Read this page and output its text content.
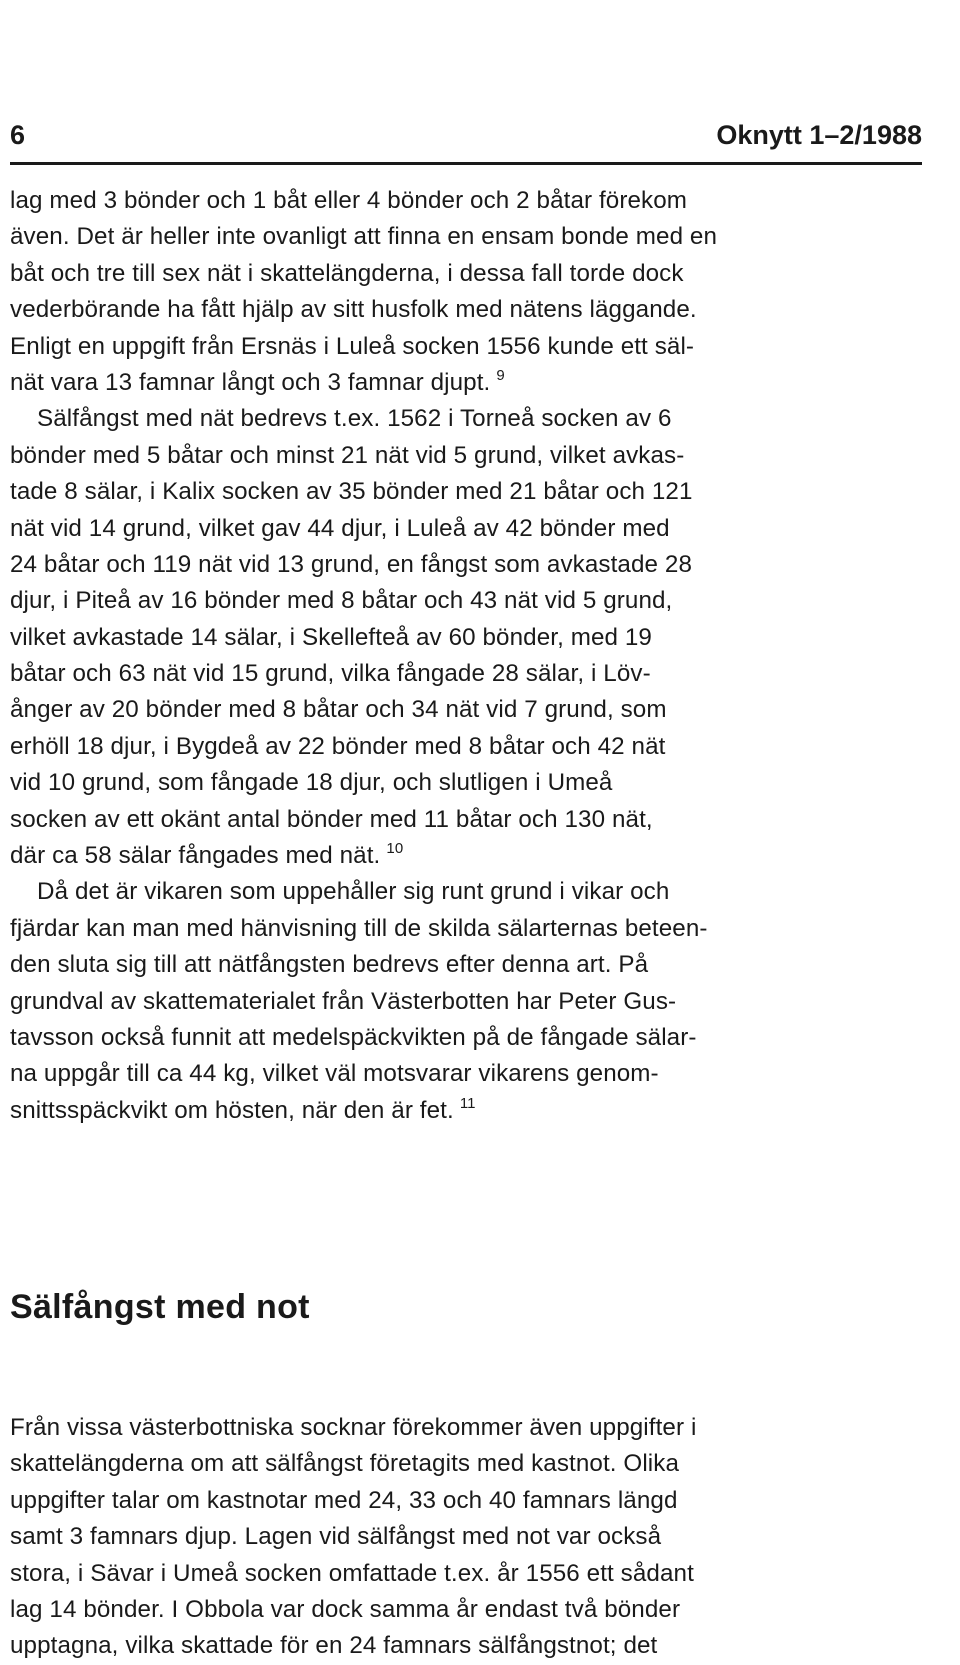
6	Oknytt 1–2/1988
lag med 3 bönder och 1 båt eller 4 bönder och 2 båtar förekom
även. Det är heller inte ovanligt att finna en ensam bonde med en
båt och tre till sex nät i skattelängderna, i dessa fall torde dock
vederbörande ha fått hjälp av sitt husfolk med nätens läggande.
Enligt en uppgift från Ersnäs i Luleå socken 1556 kunde ett säl-
nät vara 13 famnar långt och 3 famnar djupt. $^9$
Sälfångst med nät bedrevs t.ex. 1562 i Torneå socken av 6
bönder med 5 båtar och minst 21 nät vid 5 grund, vilket avkas-
tade 8 sälar, i Kalix socken av 35 bönder med 21 båtar och 121
nät vid 14 grund, vilket gav 44 djur, i Luleå av 42 bönder med
24 båtar och 119 nät vid 13 grund, en fångst som avkastade 28
djur, i Piteå av 16 bönder med 8 båtar och 43 nät vid 5 grund,
vilket avkastade 14 sälar, i Skellefteå av 60 bönder, med 19
båtar och 63 nät vid 15 grund, vilka fångade 28 sälar, i Löv-
ånger av 20 bönder med 8 båtar och 34 nät vid 7 grund, som
erhöll 18 djur, i Bygdeå av 22 bönder med 8 båtar och 42 nät
vid 10 grund, som fångade 18 djur, och slutligen i Umeå
socken av ett okänt antal bönder med 11 båtar och 130 nät,
där ca 58 sälar fångades med nät. $^{10}$
Då det är vikaren som uppehåller sig runt grund i vikar och
fjärdar kan man med hänvisning till de skilda sälarternas beteen-
den sluta sig till att nätfångsten bedrevs efter denna art. På
grundval av skattematerialet från Västerbotten har Peter Gus-
tavsson också funnit att medelspäckvikten på de fångade sälar-
na uppgår till ca 44 kg, vilket väl motsvarar vikarens genom-
snittsspäckvikt om hösten, när den är fet. $^{11}$
Sälfångst med not
Från vissa västerbottniska socknar förekommer även uppgifter i
skattelängderna om att sälfångst företagits med kastnot. Olika
uppgifter talar om kastnotar med 24, 33 och 40 famnars längd
samt 3 famnars djup. Lagen vid sälfångst med not var också
stora, i Sävar i Umeå socken omfattade t.ex. år 1556 ett sådant
lag 14 bönder. I Obbola var dock samma år endast två bönder
upptagna, vilka skattade för en 24 famnars sälfångstnot; det
